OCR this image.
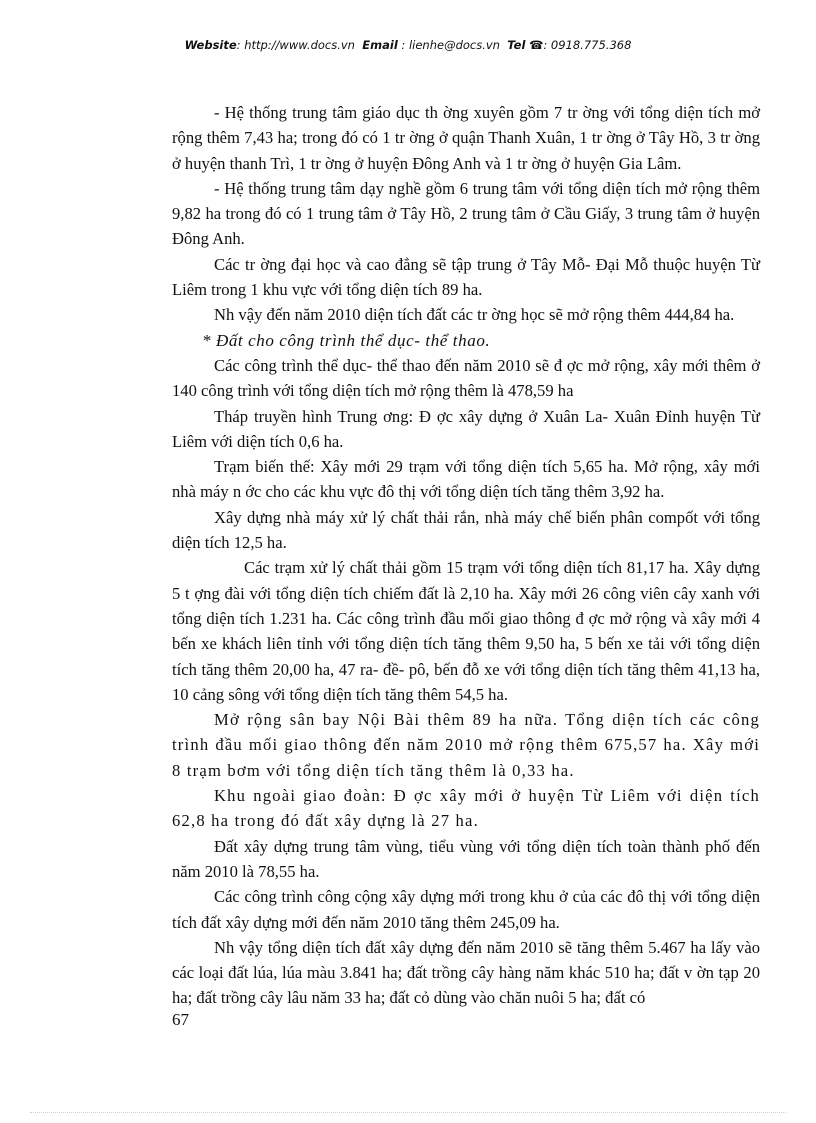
Website: http://www.docs.vn Email : lienhe@docs.vn Tel ☎: 0918.775.368

- Hệ thống trung tâm giáo dục th ờng xuyên gồm 7 tr ờng với tổng diện tích mở rộng thêm 7,43 ha; trong đó có 1 tr ờng ở quận Thanh Xuân, 1 tr ờng ở Tây Hồ, 3 tr ờng ở huyện thanh Trì, 1 tr ờng ở huyện Đông Anh và 1 tr ờng ở huyện Gia Lâm.

- Hệ thống trung tâm dạy nghề gồm 6 trung tâm với tổng diện tích mở rộng thêm 9,82 ha trong đó có 1 trung tâm ở Tây Hồ, 2 trung tâm ở Cầu Giấy, 3 trung tâm ở huyện Đông Anh.

Các tr ờng đại học và cao đẳng sẽ tập trung ở Tây Mỗ- Đại Mỗ thuộc huyện Từ Liêm trong 1 khu vực với tổng diện tích 89 ha.

Nh vậy đến năm 2010 diện tích đất các tr ờng học sẽ mở rộng thêm 444,84 ha.

* Đất cho công trình thể dục- thể thao.

Các công trình thể dục- thể thao đến năm 2010 sẽ đ ợc mở rộng, xây mới thêm ở 140 công trình với tổng diện tích mở rộng thêm là 478,59 ha

Tháp truyền hình Trung ơng: Đ ợc xây dựng ở Xuân La- Xuân Đỉnh huyện Từ Liêm với diện tích 0,6 ha.

Trạm biến thế: Xây mới 29 trạm với tổng diện tích 5,65 ha. Mở rộng, xây mới nhà máy n ớc cho các khu vực đô thị với tổng diện tích tăng thêm 3,92 ha.

Xây dựng nhà máy xử lý chất thải rắn, nhà máy chế biến phân compốt với tổng diện tích 12,5 ha.

Các trạm xử lý chất thải gồm 15 trạm với tổng diện tích 81,17 ha. Xây dựng 5 t ợng đài với tổng diện tích chiếm đất là 2,10 ha. Xây mới 26 công viên cây xanh với tổng diện tích 1.231 ha. Các công trình đầu mối giao thông đ ợc mở rộng và xây mới 4 bến xe khách liên tỉnh với tổng diện tích tăng thêm 9,50 ha, 5 bến xe tải với tổng diện tích tăng thêm 20,00 ha, 47 ra- đề- pô, bến đỗ xe với tổng diện tích tăng thêm 41,13 ha, 10 cảng sông với tổng diện tích tăng thêm 54,5 ha.

Mở rộng sân bay Nội Bài thêm 89 ha nữa. Tổng diện tích các công trình đầu mối giao thông đến năm 2010 mở rộng thêm 675,57 ha. Xây mới 8 trạm bơm với tổng diện tích tăng thêm là 0,33 ha.

Khu ngoài giao đoàn: Đ ợc xây mới ở huyện Từ Liêm với diện tích 62,8 ha trong đó đất xây dựng là 27 ha.

Đất xây dựng trung tâm vùng, tiểu vùng với tổng diện tích toàn thành phố đến năm 2010 là 78,55 ha.

Các công trình công cộng xây dựng mới trong khu ở của các đô thị với tổng diện tích đất xây dựng mới đến năm 2010 tăng thêm 245,09 ha.

Nh vậy tổng diện tích đất xây dựng đến năm 2010 sẽ tăng thêm 5.467 ha lấy vào các loại đất lúa, lúa màu 3.841 ha; đất trồng cây hàng năm khác 510 ha; đất v ờn tạp 20 ha; đất trồng cây lâu năm 33 ha; đất cỏ dùng vào chăn nuôi 5 ha; đất có

67
